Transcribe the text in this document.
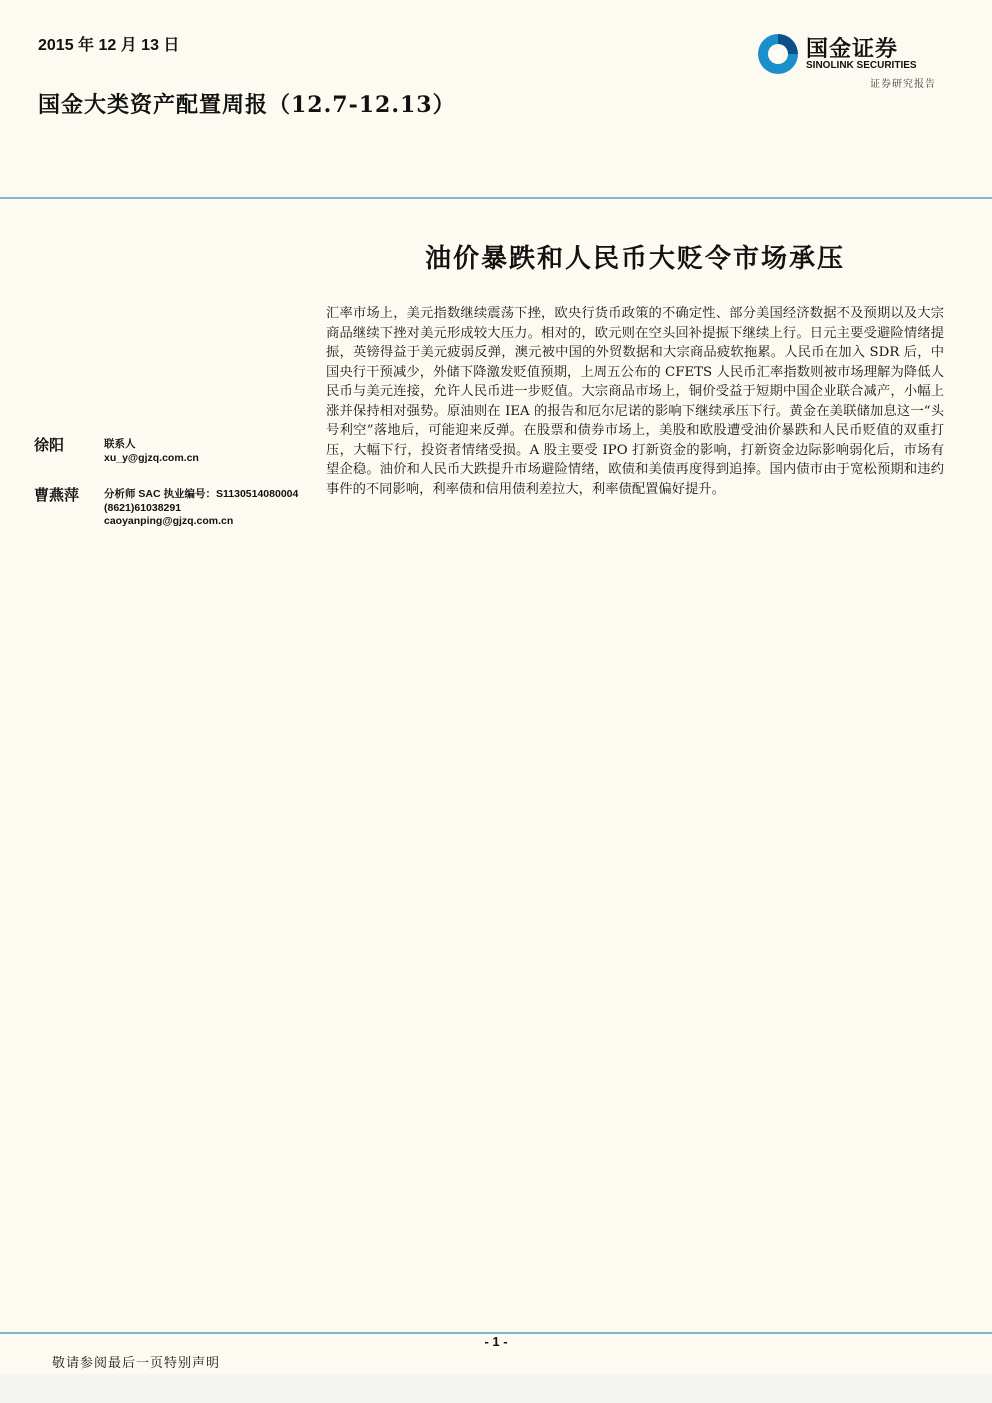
2015 年 12 月 13 日
国金大类资产配置周报（12.7-12.13）
国金证券
SINOLINK SECURITIES
证券研究报告
油价暴跌和人民币大贬令市场承压
汇率市场上，美元指数继续震荡下挫，欧央行货币政策的不确定性、部分美国经济数据不及预期以及大宗商品继续下挫对美元形成较大压力。相对的，欧元则在空头回补提振下继续上行。日元主要受避险情绪提振，英镑得益于美元疲弱反弹，澳元被中国的外贸数据和大宗商品疲软拖累。人民币在加入 SDR 后，中国央行干预减少，外储下降激发贬值预期，上周五公布的 CFETS 人民币汇率指数则被市场理解为降低人民币与美元连接，允许人民币进一步贬值。大宗商品市场上，铜价受益于短期中国企业联合减产，小幅上涨并保持相对强势。原油则在 IEA 的报告和厄尔尼诺的影响下继续承压下行。黄金在美联储加息这一“头号利空”落地后，可能迎来反弹。在股票和债券市场上，美股和欧股遭受油价暴跌和人民币贬值的双重打压，大幅下行，投资者情绪受损。A 股主要受 IPO 打新资金的影响，打新资金边际影响弱化后，市场有望企稳。油价和人民币大跌提升市场避险情绪，欧债和美债再度得到追捧。国内债市由于宽松预期和违约事件的不同影响，利率债和信用债利差拉大，利率债配置偏好提升。
徐阳	联系人
xu_y@gjzq.com.cn
曹燕萍 分析师 SAC 执业编号：S1130514080004
(8621)61038291
caoyanping@gjzq.com.cn
- 1 -
敬请参阅最后一页特别声明
